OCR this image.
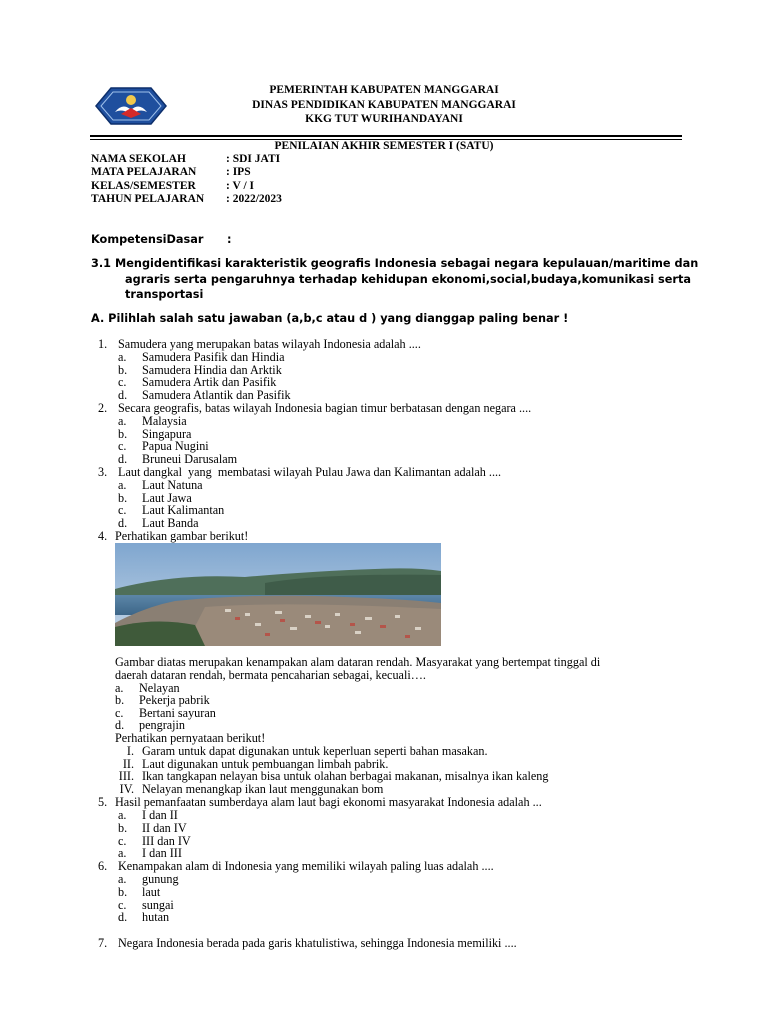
PEMERINTAH KABUPATEN MANGGARAI
DINAS PENDIDIKAN KABUPATEN MANGGARAI
KKG TUT WURIHANDAYANI
PENILAIAN AKHIR SEMESTER I (SATU)
NAMA SEKOLAH	: SDI JATI
MATA PELAJARAN	: IPS
KELAS/SEMESTER	: V / I
TAHUN PELAJARAN : 2022/2023
KompetensiDasar :
3.1 Mengidentifikasi karakteristik geografis Indonesia sebagai negara kepulauan/maritime dan
agraris serta pengaruhnya terhadap kehidupan ekonomi,social,budaya,komunikasi serta
transportasi
A. Pilihlah salah satu jawaban (a,b,c atau d ) yang dianggap paling benar !
1. Samudera yang merupakan batas wilayah Indonesia adalah ....
a. Samudera Pasifik dan Hindia
b. Samudera Hindia dan Arktik
c. Samudera Artik dan Pasifik
d. Samudera Atlantik dan Pasifik
2. Secara geografis, batas wilayah Indonesia bagian timur berbatasan dengan negara ....
a. Malaysia
b. Singapura
c. Papua Nugini
d. Bruneui Darusalam
3. Laut dangkal  yang  membatasi wilayah Pulau Jawa dan Kalimantan adalah ....
a. Laut Natuna
b. Laut Jawa
c. Laut Kalimantan
d. Laut Banda
4. Perhatikan gambar berikut!
Gambar diatas merupakan kenampakan alam dataran rendah. Masyarakat yang bertempat tinggal di
daerah dataran rendah, bermata pencaharian sebagai, kecuali….
a. Nelayan
b. Pekerja pabrik
c. Bertani sayuran
d. pengrajin
Perhatikan pernyataan berikut!
I. Garam untuk dapat digunakan untuk keperluan seperti bahan masakan.
II. Laut digunakan untuk pembuangan limbah pabrik.
III. Ikan tangkapan nelayan bisa untuk olahan berbagai makanan, misalnya ikan kaleng
IV. Nelayan menangkap ikan laut menggunakan bom
5. Hasil pemanfaatan sumberdaya alam laut bagi ekonomi masyarakat Indonesia adalah ...
a. I dan II
b. II dan IV
c. III dan IV
a. I dan III
6. Kenampakan alam di Indonesia yang memiliki wilayah paling luas adalah ....
a. gunung
b. laut
c. sungai
d. hutan
7. Negara Indonesia berada pada garis khatulistiwa, sehingga Indonesia memiliki ....
